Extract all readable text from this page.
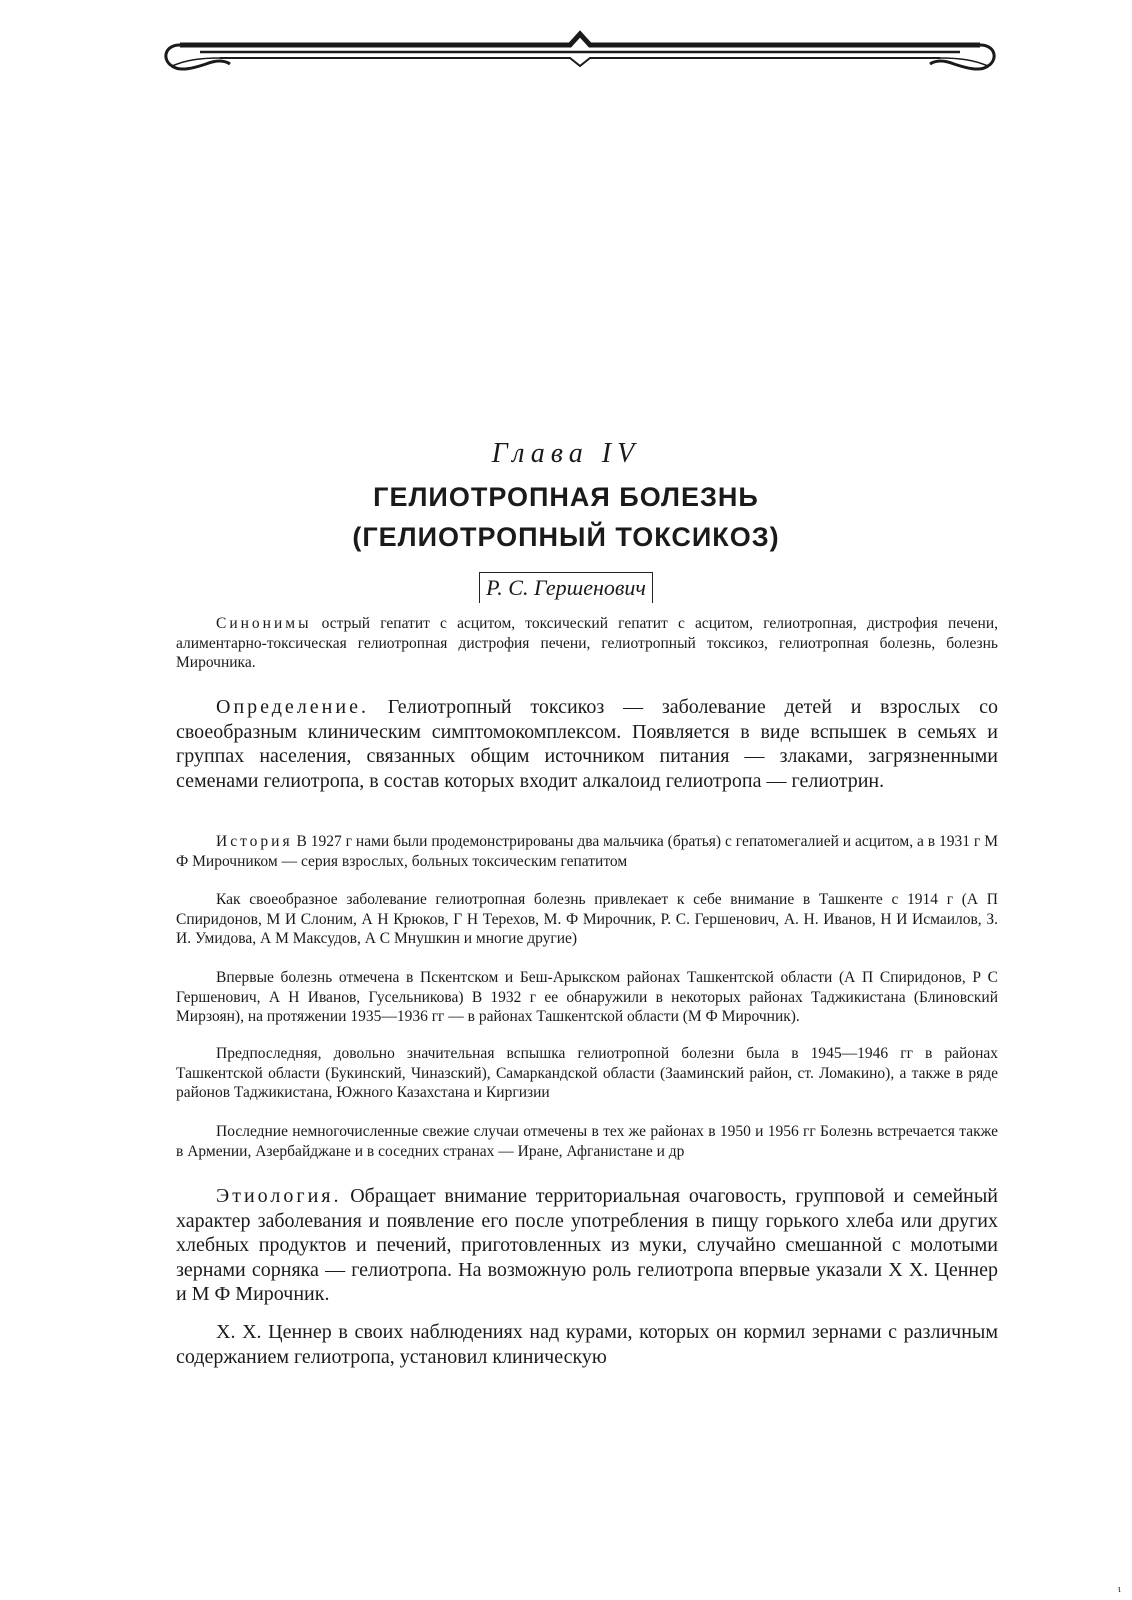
Глава IV
ГЕЛИОТРОПНАЯ БОЛЕЗНЬ
(ГЕЛИОТРОПНЫЙ ТОКСИКОЗ)
Р. С. Гершенович

Синонимы острый гепатит с асцитом, токсический гепатит с асцитом, гелиотропная, дистрофия печени, алиментарно-токсическая гелиотропная дистрофия печени, гелиотропный токсикоз, гелиотропная болезнь, болезнь Мирочника.

Определение. Гелиотропный токсикоз — заболевание детей и взрослых со своеобразным клиническим симптомокомплексом. Появляется в виде вспышек в семьях и группах населения, связанных общим источником питания — злаками, загрязненными семенами гелиотропа, в состав которых входит алкалоид гелиотропа — гелиотрин.

История В 1927 г нами были продемонстрированы два мальчика (братья) с гепатомегалией и асцитом, а в 1931 г М Ф Мирочником — серия взрослых, больных токсическим гепатитом

Как своеобразное заболевание гелиотропная болезнь привлекает к себе внимание в Ташкенте с 1914 г (А П Спиридонов, М И Слоним, А Н Крюков, Г Н Терехов, М. Ф Мирочник, Р. С. Гершенович, А. Н. Иванов, Н И Исмаилов, З. И. Умидова, А М Максудов, А С Мнушкин и многие другие)

Впервые болезнь отмечена в Пскентском и Беш-Арыкском районах Ташкентской области (А П Спиридонов, Р С Гершенович, А Н Иванов, Гусельникова) В 1932 г ее обнаружили в некоторых районах Таджикистана (Блиновский Мирзоян), на протяжении 1935—1936 гг — в районах Ташкентской области (М Ф Мирочник).

Предпоследняя, довольно значительная вспышка гелиотропной болезни была в 1945—1946 гг в районах Ташкентской области (Букинский, Чиназский), Самаркандской области (Зааминский район, ст. Ломакино), а также в ряде районов Таджикистана, Южного Казахстана и Киргизии

Последние немногочисленные свежие случаи отмечены в тех же районах в 1950 и 1956 гг Болезнь встречается также в Армении, Азербайджане и в соседних странах — Иране, Афганистане и др

Этиология. Обращает внимание территориальная очаговость, групповой и семейный характер заболевания и появление его после употребления в пищу горького хлеба или других хлебных продуктов и печений, приготовленных из муки, случайно смешанной с молотыми зернами сорняка — гелиотропа. На возможную роль гелиотропа впервые указали Х Х. Ценнер и М Ф Мирочник.

Х. Х. Ценнер в своих наблюдениях над курами, которых он кормил зернами с различным содержанием гелиотропа, установил клиническую

ι
